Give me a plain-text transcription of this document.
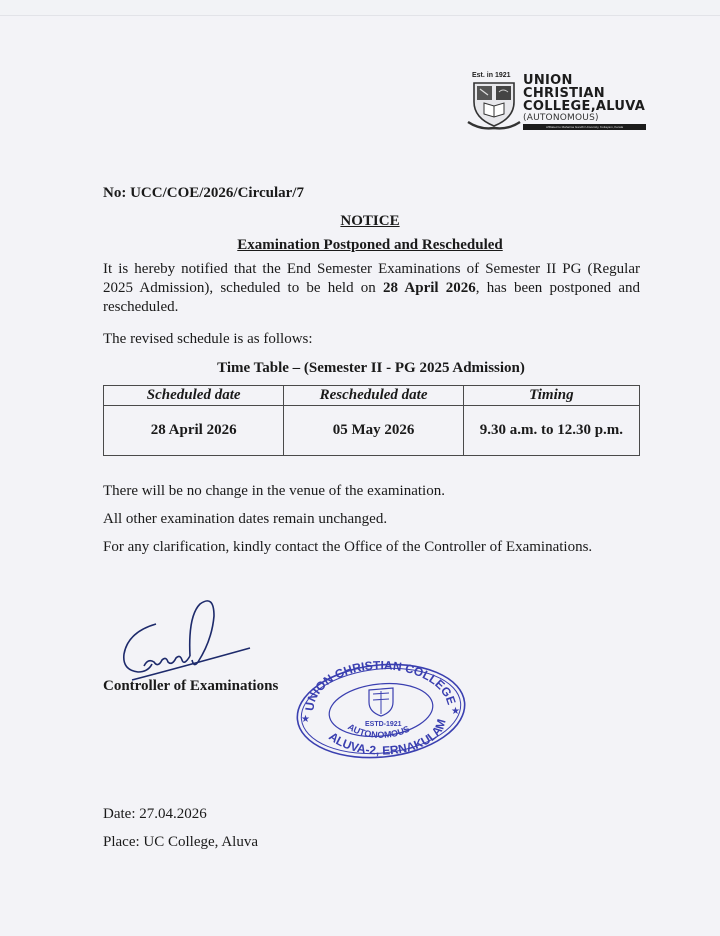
Est. in 1921 UNION
CHRISTIAN
COLLEGE,ALUVA
(AUTONOMOUS)
Affiliated to Mahatma Gandhi University, Kottayam, Kerala
No: UCC/COE/2026/Circular/7
NOTICE
Examination Postponed and Rescheduled
It is hereby notified that the End Semester Examinations of Semester II PG (Regular 2025 Admission), scheduled to be held on 28 April 2026, has been postponed and rescheduled.
The revised schedule is as follows:
Time Table – (Semester II - PG 2025 Admission)
Scheduled date	Rescheduled date	Timing
28 April 2026	05 May 2026	9.30 a.m. to 12.30 p.m.
There will be no change in the venue of the examination.
All other examination dates remain unchanged.
For any clarification, kindly contact the Office of the Controller of Examinations.
Controller of Examinations
UNION CHRISTIAN COLLEGE
ALUVA-2, ERNAKULAM
AUTONOMOUS
ESTD-1921
★
★
Date: 27.04.2026
Place: UC College, Aluva
